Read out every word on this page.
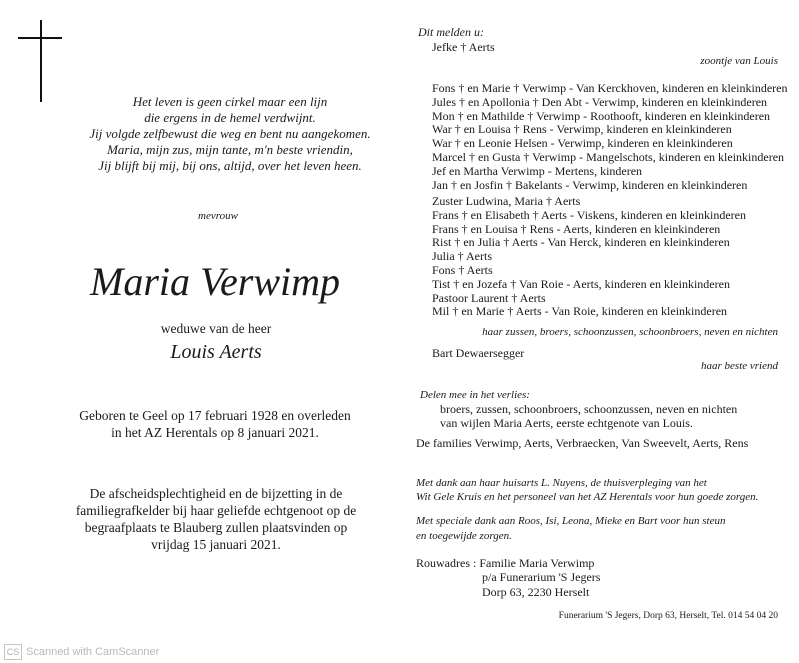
Het leven is geen cirkel maar een lijn
die ergens in de hemel verdwijnt.
Jij volgde zelfbewust die weg en bent nu aangekomen.
Maria, mijn zus, mijn tante, m'n beste vriendin,
Jij blijft bij mij, bij ons, altijd, over het leven heen.
mevrouw
Maria Verwimp
weduwe van de heer
Louis Aerts
Geboren te Geel op 17 februari 1928 en overleden
in het AZ Herentals op 8 januari 2021.
De afscheidsplechtigheid en de bijzetting in de
familiegrafkelder bij haar geliefde echtgenoot op de
begraafplaats te Blauberg zullen plaatsvinden op
vrijdag 15 januari 2021.
Dit melden u:
Jefke † Aerts
zoontje van Louis
Fons † en Marie † Verwimp - Van Kerckhoven, kinderen en kleinkinderen
Jules † en Apollonia † Den Abt - Verwimp, kinderen en kleinkinderen
Mon † en Mathilde † Verwimp - Roothooft, kinderen en kleinkinderen
War † en Louisa † Rens - Verwimp, kinderen en kleinkinderen
War † en Leonie Helsen - Verwimp, kinderen en kleinkinderen
Marcel † en Gusta † Verwimp - Mangelschots, kinderen en kleinkinderen
Jef en Martha Verwimp - Mertens, kinderen
Jan † en Josfin † Bakelants - Verwimp, kinderen en kleinkinderen
Zuster Ludwina, Maria † Aerts
Frans † en Elisabeth † Aerts - Viskens, kinderen en kleinkinderen
Frans † en Louisa † Rens - Aerts, kinderen en kleinkinderen
Rist † en Julia † Aerts - Van Herck, kinderen en kleinkinderen
Julia † Aerts
Fons † Aerts
Tist † en Jozefa † Van Roie - Aerts, kinderen en kleinkinderen
Pastoor Laurent † Aerts
Mil † en Marie † Aerts - Van Roie, kinderen en kleinkinderen
haar zussen, broers, schoonzussen, schoonbroers, neven en nichten
Bart Dewaersegger
haar beste vriend
Delen mee in het verlies:
broers, zussen, schoonbroers, schoonzussen, neven en nichten
van wijlen Maria Aerts, eerste echtgenote van Louis.
De families Verwimp, Aerts, Verbraecken, Van Sweevelt, Aerts, Rens
Met dank aan haar huisarts L. Nuyens, de thuisverpleging van het
Wit Gele Kruis en het personeel van het AZ Herentals voor hun goede zorgen.
Met speciale dank aan Roos, Isi, Leona, Mieke en Bart voor hun steun
en toegewijde zorgen.
Rouwadres : Familie Maria Verwimp
p/a Funerarium 'S Jegers
Dorp 63, 2230 Herselt
Funerarium 'S Jegers, Dorp 63, Herselt, Tel. 014 54 04 20
CS Scanned with CamScanner
